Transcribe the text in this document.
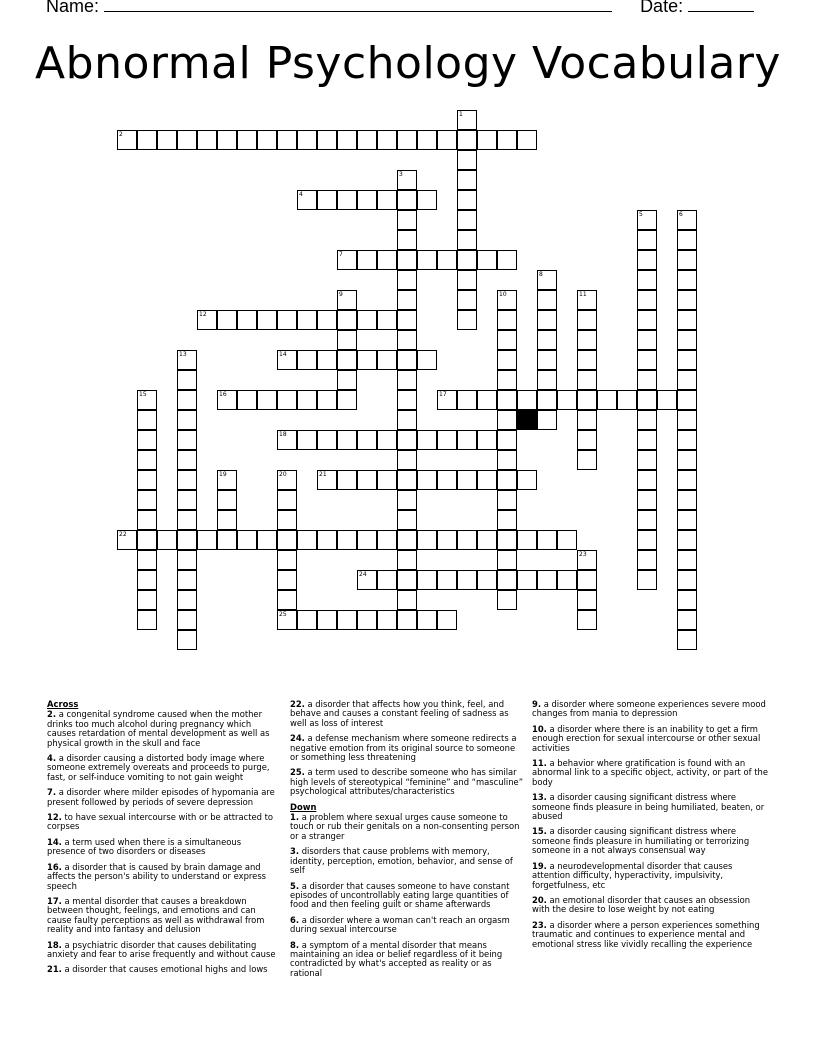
Name:	Date:
Abnormal Psychology Vocabulary
2
4
7
12
14
16	17
18
21
22
24
25
1
3
5	6
8
9	10	11
13
15
19	20
23
Across
2. a congenital syndrome caused when the mother drinks too much alcohol during pregnancy which causes retardation of mental development as well as physical growth in the skull and face
4. a disorder causing a distorted body image where someone extremely overeats and proceeds to purge, fast, or self-induce vomiting to not gain weight
7. a disorder where milder episodes of hypomania are present followed by periods of severe depression
12. to have sexual intercourse with or be attracted to corpses
14. a term used when there is a simultaneous presence of two disorders or diseases
16. a disorder that is caused by brain damage and affects the person's ability to understand or express speech
17. a mental disorder that causes a breakdown between thought, feelings, and emotions and can cause faulty perceptions as well as withdrawal from reality and into fantasy and delusion
18. a psychiatric disorder that causes debilitating anxiety and fear to arise frequently and without cause
21. a disorder that causes emotional highs and lows
22. a disorder that affects how you think, feel, and behave and causes a constant feeling of sadness as well as loss of interest
24. a defense mechanism where someone redirects a negative emotion from its original source to someone or something less threatening
25. a term used to describe someone who has similar high levels of stereotypical “feminine” and “masculine” psychological attributes/characteristics
Down
1. a problem where sexual urges cause someone to touch or rub their genitals on a non-consenting person or a stranger
3. disorders that cause problems with memory, identity, perception, emotion, behavior, and sense of self
5. a disorder that causes someone to have constant episodes of uncontrollably eating large quantities of food and then feeling guilt or shame afterwards
6. a disorder where a woman can't reach an orgasm during sexual intercourse
8. a symptom of a mental disorder that means maintaining an idea or belief regardless of it being contradicted by what's accepted as reality or as rational
9. a disorder where someone experiences severe mood changes from mania to depression
10. a disorder where there is an inability to get a firm enough erection for sexual intercourse or other sexual activities
11. a behavior where gratification is found with an abnormal link to a specific object, activity, or part of the body
13. a disorder causing significant distress where someone finds pleasure in being humiliated, beaten, or abused
15. a disorder causing significant distress where someone finds pleasure in humiliating or terrorizing someone in a not always consensual way
19. a neurodevelopmental disorder that causes attention difficulty, hyperactivity, impulsivity, forgetfulness, etc
20. an emotional disorder that causes an obsession with the desire to lose weight by not eating
23. a disorder where a person experiences something traumatic and continues to experience mental and emotional stress like vividly recalling the experience
